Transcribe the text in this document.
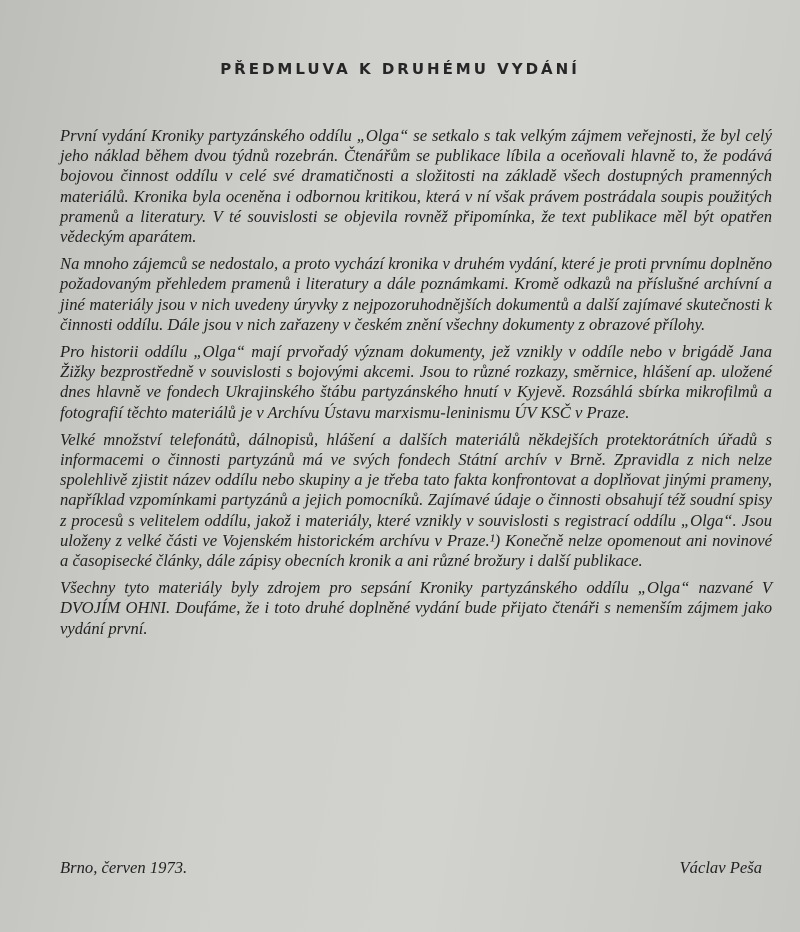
PŘEDMLUVA K DRUHÉMU VYDÁNÍ

První vydání Kroniky partyzánského oddílu „Olga“ se setkalo s tak velkým zájmem veřejnosti, že byl celý jeho náklad během dvou týdnů rozebrán. Čtenářům se publikace líbila a oceňovali hlavně to, že podává bojovou činnost oddílu v celé své dramatičnosti a složitosti na základě všech dostupných pramenných materiálů. Kronika byla oceněna i odbornou kritikou, která v ní však právem postrádala soupis použitých pramenů a literatury. V té souvislosti se objevila rovněž připomínka, že text publikace měl být opatřen vědeckým aparátem.

Na mnoho zájemců se nedostalo, a proto vychází kronika v druhém vydání, které je proti prvnímu doplněno požadovaným přehledem pramenů i literatury a dále poznámkami. Kromě odkazů na příslušné archívní a jiné materiály jsou v nich uvedeny úryvky z nejpozoruhodnějších dokumentů a další zajímavé skutečnosti k činnosti oddílu. Dále jsou v nich zařazeny v českém znění všechny dokumenty z obrazové přílohy.

Pro historii oddílu „Olga“ mají prvořadý význam dokumenty, jež vznikly v oddíle nebo v brigádě Jana Žižky bezprostředně v souvislosti s bojovými akcemi. Jsou to různé rozkazy, směrnice, hlášení ap. uložené dnes hlavně ve fondech Ukrajinského štábu partyzánského hnutí v Kyjevě. Rozsáhlá sbírka mikrofilmů a fotografií těchto materiálů je v Archívu Ústavu marxismu-leninismu ÚV KSČ v Praze.

Velké množství telefonátů, dálnopisů, hlášení a dalších materiálů někdejších protektorátních úřadů s informacemi o činnosti partyzánů má ve svých fondech Státní archív v Brně. Zpravidla z nich nelze spolehlivě zjistit název oddílu nebo skupiny a je třeba tato fakta konfrontovat a doplňovat jinými prameny, například vzpomínkami partyzánů a jejich pomocníků. Zajímavé údaje o činnosti obsahují též soudní spisy z procesů s velitelem oddílu, jakož i materiály, které vznikly v souvislosti s registrací oddílu „Olga“. Jsou uloženy z velké části ve Vojenském historickém archívu v Praze.¹) Konečně nelze opomenout ani novinové a časopisecké články, dále zápisy obecních kronik a ani různé brožury i další publikace.

Všechny tyto materiály byly zdrojem pro sepsání Kroniky partyzánského oddílu „Olga“ nazvané V DVOJÍM OHNI. Doufáme, že i toto druhé doplněné vydání bude přijato čtenáři s nemenším zájmem jako vydání první.

Brno, červen 1973.	Václav Peša
